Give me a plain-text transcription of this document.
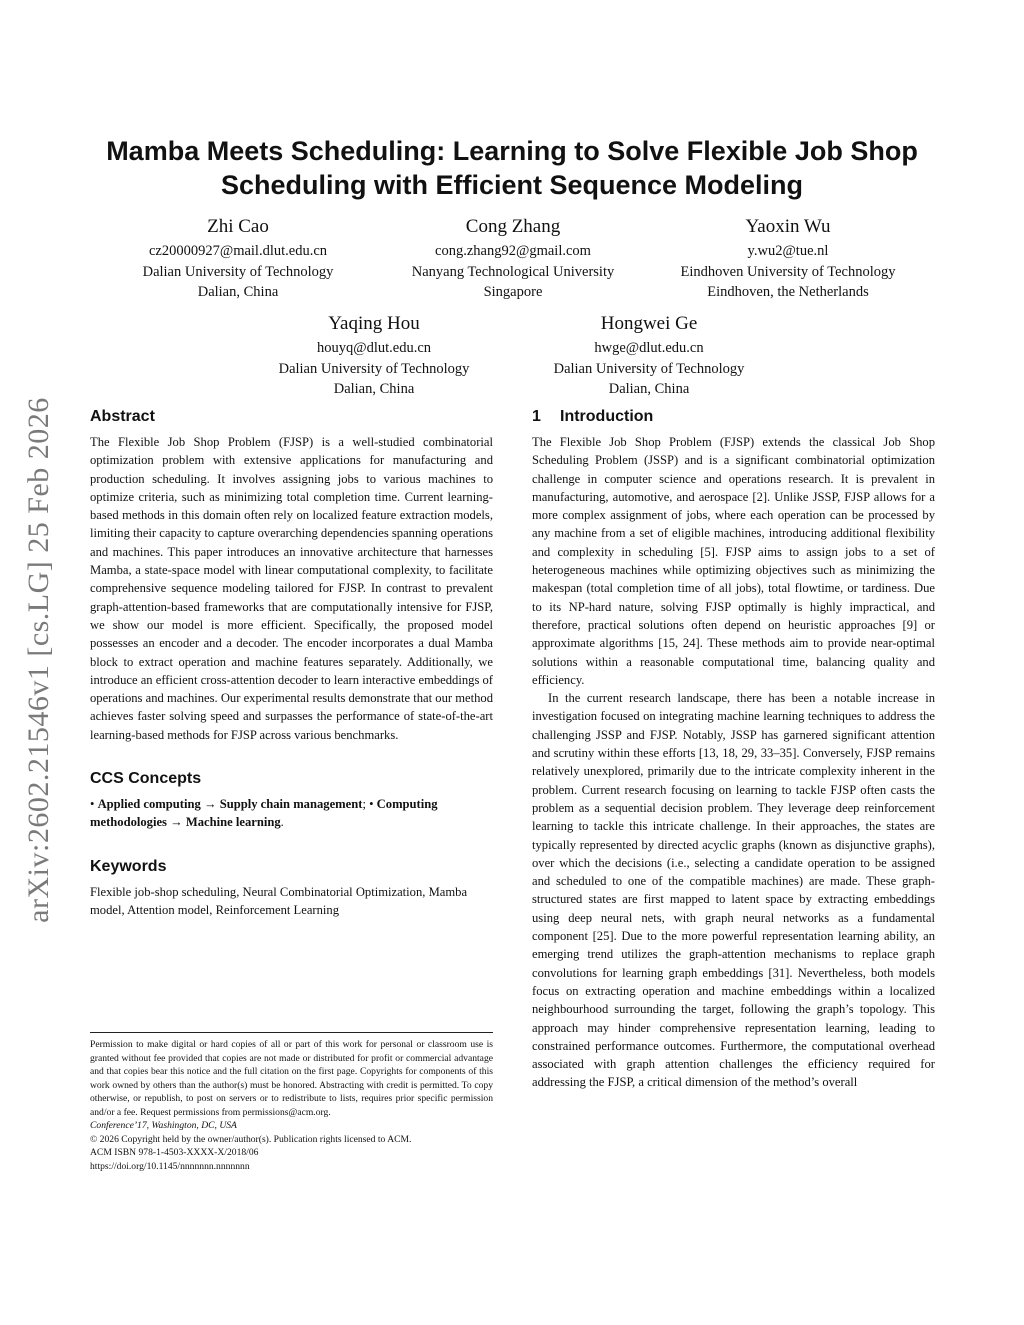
arXiv:2602.21546v1 [cs.LG] 25 Feb 2026
Mamba Meets Scheduling: Learning to Solve Flexible Job Shop
Scheduling with Efficient Sequence Modeling
Zhi Cao
cz20000927@mail.dlut.edu.cn
Dalian University of Technology
Dalian, China
Cong Zhang
cong.zhang92@gmail.com
Nanyang Technological University
Singapore
Yaoxin Wu
y.wu2@tue.nl
Eindhoven University of Technology
Eindhoven, the Netherlands
Yaqing Hou
houyq@dlut.edu.cn
Dalian University of Technology
Dalian, China
Hongwei Ge
hwge@dlut.edu.cn
Dalian University of Technology
Dalian, China
Abstract

The Flexible Job Shop Problem (FJSP) is a well-studied combinatorial optimization problem with extensive applications for manufacturing and production scheduling. It involves assigning jobs to various machines to optimize criteria, such as minimizing total completion time. Current learning-based methods in this domain often rely on localized feature extraction models, limiting their capacity to capture overarching dependencies spanning operations and machines. This paper introduces an innovative architecture that harnesses Mamba, a state-space model with linear computational complexity, to facilitate comprehensive sequence modeling tailored for FJSP. In contrast to prevalent graph-attention-based frameworks that are computationally intensive for FJSP, we show our model is more efficient. Specifically, the proposed model possesses an encoder and a decoder. The encoder incorporates a dual Mamba block to extract operation and machine features separately. Additionally, we introduce an efficient cross-attention decoder to learn interactive embeddings of operations and machines. Our experimental results demonstrate that our method achieves faster solving speed and surpasses the performance of state-of-the-art learning-based methods for FJSP across various benchmarks.

CCS Concepts

• Applied computing → Supply chain management; • Computing methodologies → Machine learning.

Keywords

Flexible job-shop scheduling, Neural Combinatorial Optimization, Mamba model, Attention model, Reinforcement Learning

Permission to make digital or hard copies of all or part of this work for personal or classroom use is granted without fee provided that copies are not made or distributed for profit or commercial advantage and that copies bear this notice and the full citation on the first page. Copyrights for components of this work owned by others than the author(s) must be honored. Abstracting with credit is permitted. To copy otherwise, or republish, to post on servers or to redistribute to lists, requires prior specific permission and/or a fee. Request permissions from permissions@acm.org.
Conference’17, Washington, DC, USA
© 2026 Copyright held by the owner/author(s). Publication rights licensed to ACM.
ACM ISBN 978-1-4503-XXXX-X/2018/06
https://doi.org/10.1145/nnnnnnn.nnnnnnn
1 Introduction

The Flexible Job Shop Problem (FJSP) extends the classical Job Shop Scheduling Problem (JSSP) and is a significant combinatorial optimization challenge in computer science and operations research. It is prevalent in manufacturing, automotive, and aerospace [2]. Unlike JSSP, FJSP allows for a more complex assignment of jobs, where each operation can be processed by any machine from a set of eligible machines, introducing additional flexibility and complexity in scheduling [5]. FJSP aims to assign jobs to a set of heterogeneous machines while optimizing objectives such as minimizing the makespan (total completion time of all jobs), total flowtime, or tardiness. Due to its NP-hard nature, solving FJSP optimally is highly impractical, and therefore, practical solutions often depend on heuristic approaches [9] or approximate algorithms [15, 24]. These methods aim to provide near-optimal solutions within a reasonable computational time, balancing quality and efficiency.

In the current research landscape, there has been a notable increase in investigation focused on integrating machine learning techniques to address the challenging JSSP and FJSP. Notably, JSSP has garnered significant attention and scrutiny within these efforts [13, 18, 29, 33–35]. Conversely, FJSP remains relatively unexplored, primarily due to the intricate complexity inherent in the problem. Current research focusing on learning to tackle FJSP often casts the problem as a sequential decision problem. They leverage deep reinforcement learning to tackle this intricate challenge. In their approaches, the states are typically represented by directed acyclic graphs (known as disjunctive graphs), over which the decisions (i.e., selecting a candidate operation to be assigned and scheduled to one of the compatible machines) are made. These graph-structured states are first mapped to latent space by extracting embeddings using deep neural nets, with graph neural networks as a fundamental component [25]. Due to the more powerful representation learning ability, an emerging trend utilizes the graph-attention mechanisms to replace graph convolutions for learning graph embeddings [31]. Nevertheless, both models focus on extracting operation and machine embeddings within a localized neighbourhood surrounding the target, following the graph’s topology. This approach may hinder comprehensive representation learning, leading to constrained performance outcomes. Furthermore, the computational overhead associated with graph attention challenges the efficiency required for addressing the FJSP, a critical dimension of the method’s overall
